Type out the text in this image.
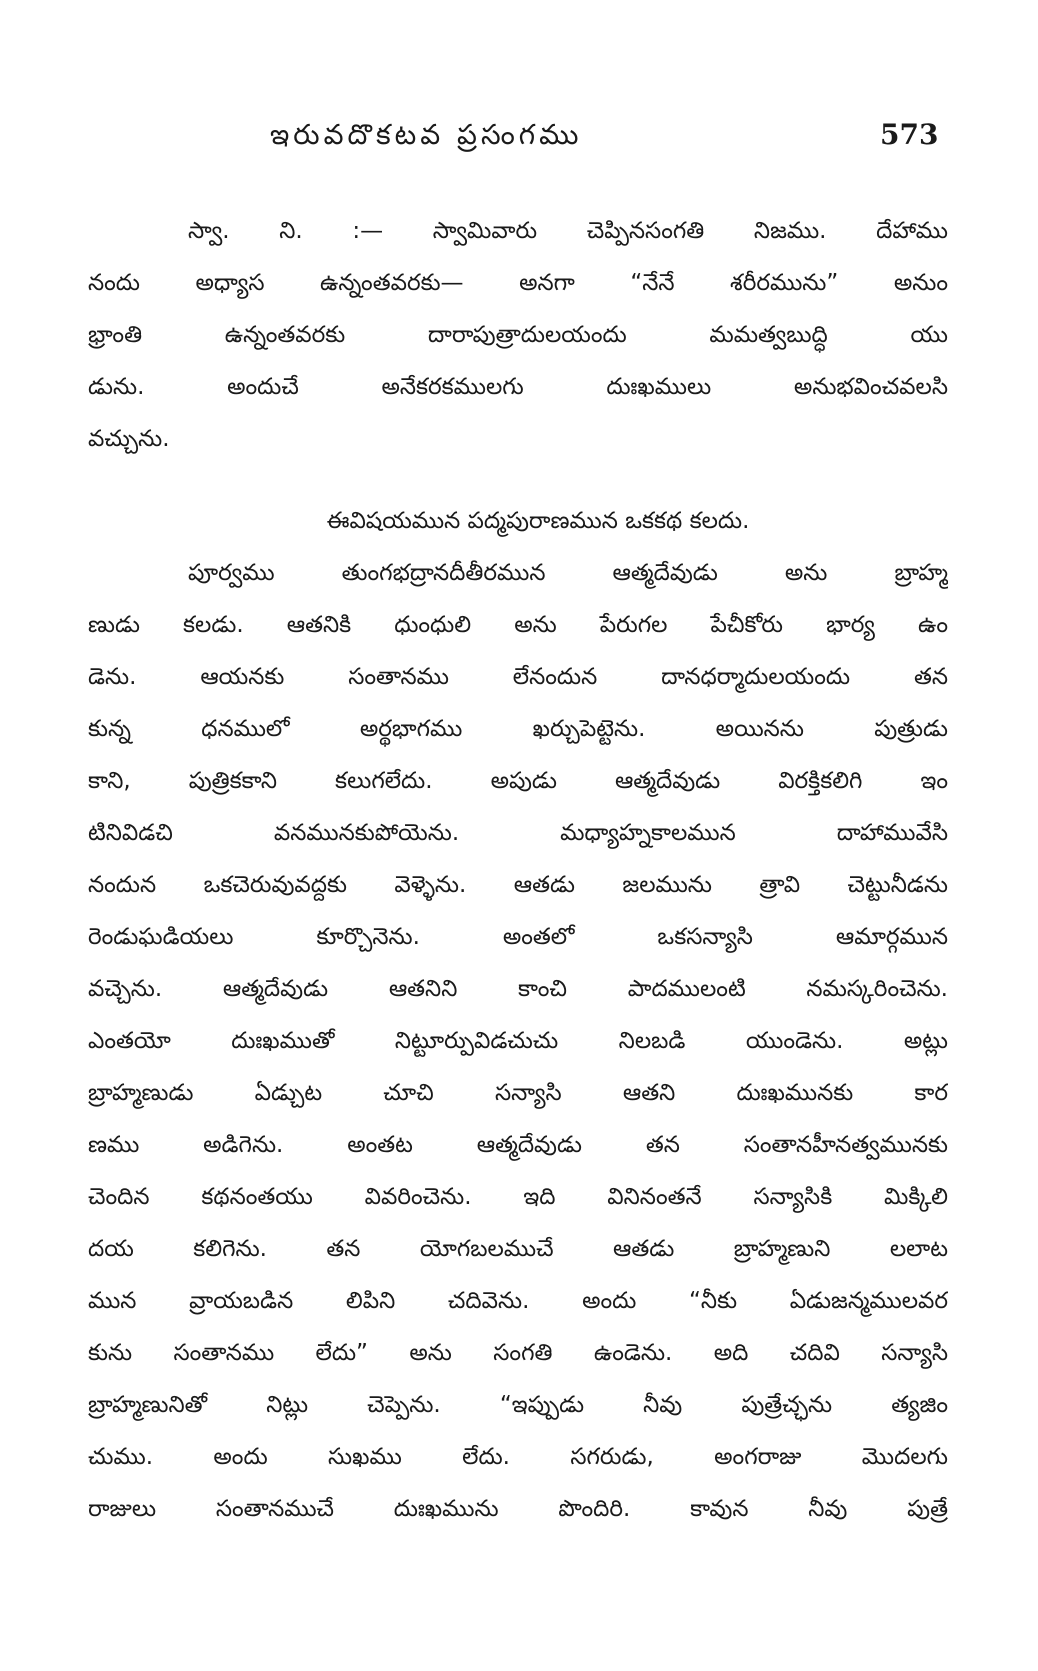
ఇరువదొకటవ ప్రసంగము	573
స్వా. ని. :— స్వామివారు చెప్పినసంగతి నిజము. దేహాము
నందు అధ్యాస ఉన్నంతవరకు— అనగా “నేనే శరీరమును” అనుం
భ్రాంతి ఉన్నంతవరకు దారాపుత్రాదులయందు మమత్వబుద్ధి యు
డును. అందుచే అనేకరకములగు దుఃఖములు అనుభవించవలసి
వచ్చును.
ఈవిషయమున పద్మపురాణమున ఒకకథ కలదు.
పూర్వము తుంగభద్రానదీతీరమున ఆత్మదేవుడు అను బ్రాహ్మ
ణుడు కలడు. ఆతనికి ధుంధులి అను పేరుగల పేచీకోరు భార్య ఉం
డెను. ఆయనకు సంతానము లేనందున దానధర్మాదులయందు తన
కున్న ధనములో అర్థభాగము ఖర్చుపెట్టెను. అయినను పుత్రుడు
కాని, పుత్రికకాని కలుగలేదు. అపుడు ఆత్మదేవుడు విరక్తికలిగి ఇం
టినివిడచి వనమునకుపోయెను. మధ్యాహ్నకాలమున దాహామువేసి
నందున ఒకచెరువువద్దకు వెళ్ళెను. ఆతడు జలమును త్రావి చెట్టునీడను
రెండుఘడియలు కూర్చొనెను. అంతలో ఒకసన్యాసి ఆమార్గమున
వచ్చెను. ఆత్మదేవుడు ఆతనిని కాంచి పాదములంటి నమస్కరించెను.
ఎంతయో దుఃఖముతో నిట్టూర్పువిడచుచు నిలబడి యుండెను. అట్లు
బ్రాహ్మణుడు ఏడ్చుట చూచి సన్యాసి ఆతని దుఃఖమునకు కార
ణము అడిగెను. అంతట ఆత్మదేవుడు తన సంతానహీనత్వమునకు
చెందిన కథనంతయు వివరించెను. ఇది వినినంతనే సన్యాసికి మిక్కిలి
దయ కలిగెను. తన యోగబలముచే ఆతడు బ్రాహ్మణుని లలాట
మున వ్రాయబడిన లిపిని చదివెను. అందు “నీకు ఏడుజన్మములవర
కును సంతానము లేదు” అను సంగతి ఉండెను. అది చదివి సన్యాసి
బ్రాహ్మణునితో నిట్లు చెప్పెను. “ఇప్పుడు నీవు పుత్రేచ్ఛను త్యజిం
చుము. అందు సుఖము లేదు. సగరుడు, అంగరాజు మొదలగు
రాజులు సంతానముచే దుఃఖమును పొందిరి. కావున నీవు పుత్రే
